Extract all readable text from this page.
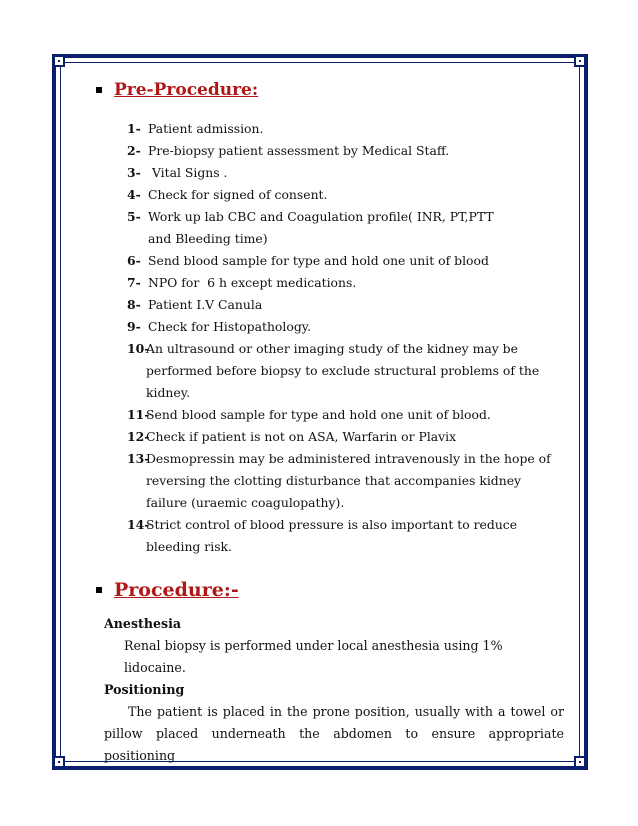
Pre-Procedure:
1- Patient admission.
2- Pre-biopsy patient assessment by Medical Staff.
3- Vital Signs .
4- Check for signed of consent.
5- Work up lab CBC and Coagulation profile( INR, PT,PTT and Bleeding time)
6- Send blood sample for type and hold one unit of blood
7- NPO for  6 h except medications.
8- Patient I.V Canula
9- Check for Histopathology.
10-
An ultrasound or other imaging study of the kidney may be performed before biopsy to exclude structural problems of the kidney.
11-
Send blood sample for type and hold one unit of blood.
12-
Check if patient is not on ASA, Warfarin or Plavix
13-
Desmopressin may be administered intravenously in the hope of reversing the clotting disturbance that accompanies kidney failure (uraemic coagulopathy).
14-
Strict control of blood pressure is also important to reduce bleeding risk.
Procedure:-
Anesthesia
Renal biopsy is performed under local anesthesia using 1% lidocaine.
Positioning
The patient is placed in the prone position, usually with a towel or pillow placed underneath the abdomen to ensure appropriate positioning
